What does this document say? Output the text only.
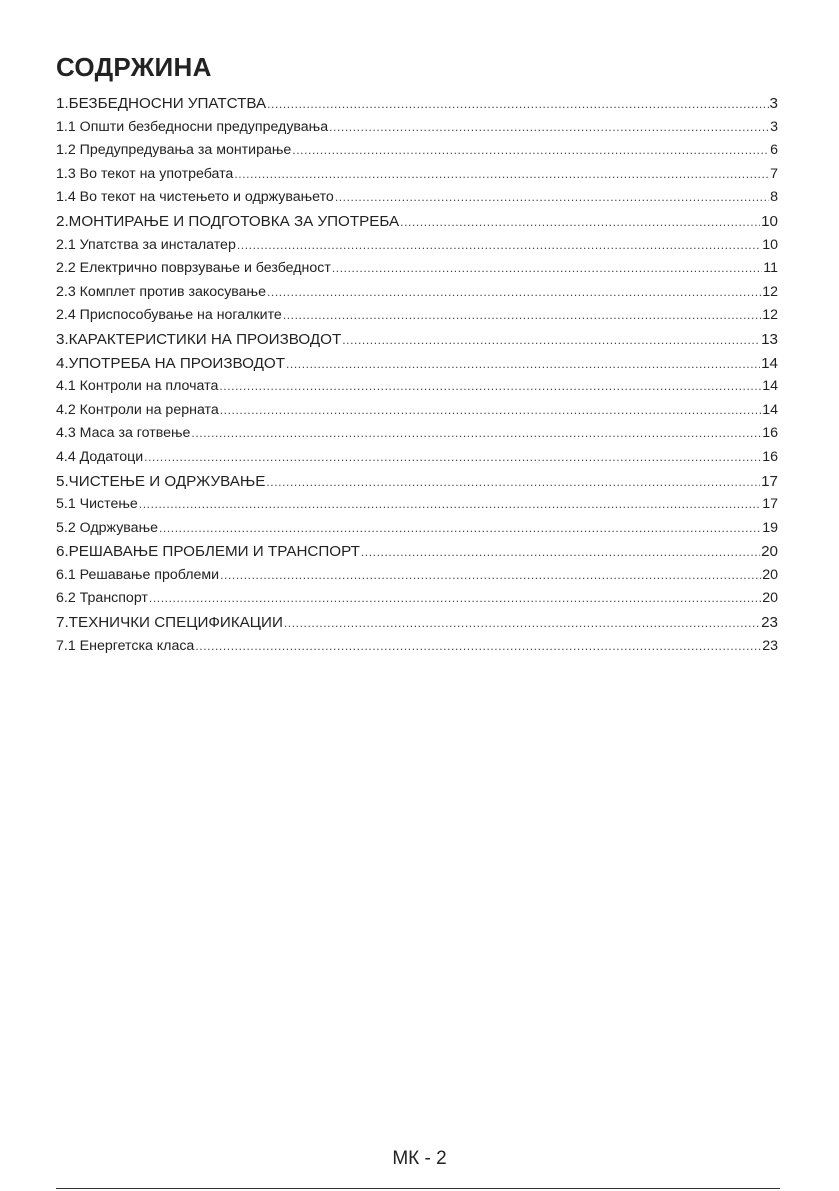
СОДРЖИНА
1.БЕЗБЕДНОСНИ УПАТСТВА .....	3
1.1 Општи безбедносни предупредувања .....	3
1.2 Предупредувања за монтирање .....	6
1.3 Во текот на употребата .....	7
1.4 Во текот на чистењето и одржувањето .....	8
2.МОНТИРАЊЕ И ПОДГОТОВКА ЗА УПОТРЕБА .....	10
2.1 Упатства за инсталатер .....	10
2.2 Електрично поврзување и безбедност .....	11
2.3 Комплет против закосување .....	12
2.4 Приспособување на ногалките .....	12
3.КАРАКТЕРИСТИКИ НА ПРОИЗВОДОТ .....	13
4.УПОТРЕБА НА ПРОИЗВОДОТ .....	14
4.1 Контроли на плочата .....	14
4.2 Контроли на рерната .....	14
4.3 Маса за готвење .....	16
4.4 Додатоци .....	16
5.ЧИСТЕЊЕ И ОДРЖУВАЊЕ .....	17
5.1 Чистење .....	17
5.2 Одржување .....	19
6.РЕШАВАЊЕ ПРОБЛЕМИ И ТРАНСПОРТ .....	20
6.1 Решавање проблеми .....	20
6.2 Транспорт .....	20
7.ТЕХНИЧКИ СПЕЦИФИКАЦИИ .....	23
7.1 Енергетска класа .....	23
МК - 2
